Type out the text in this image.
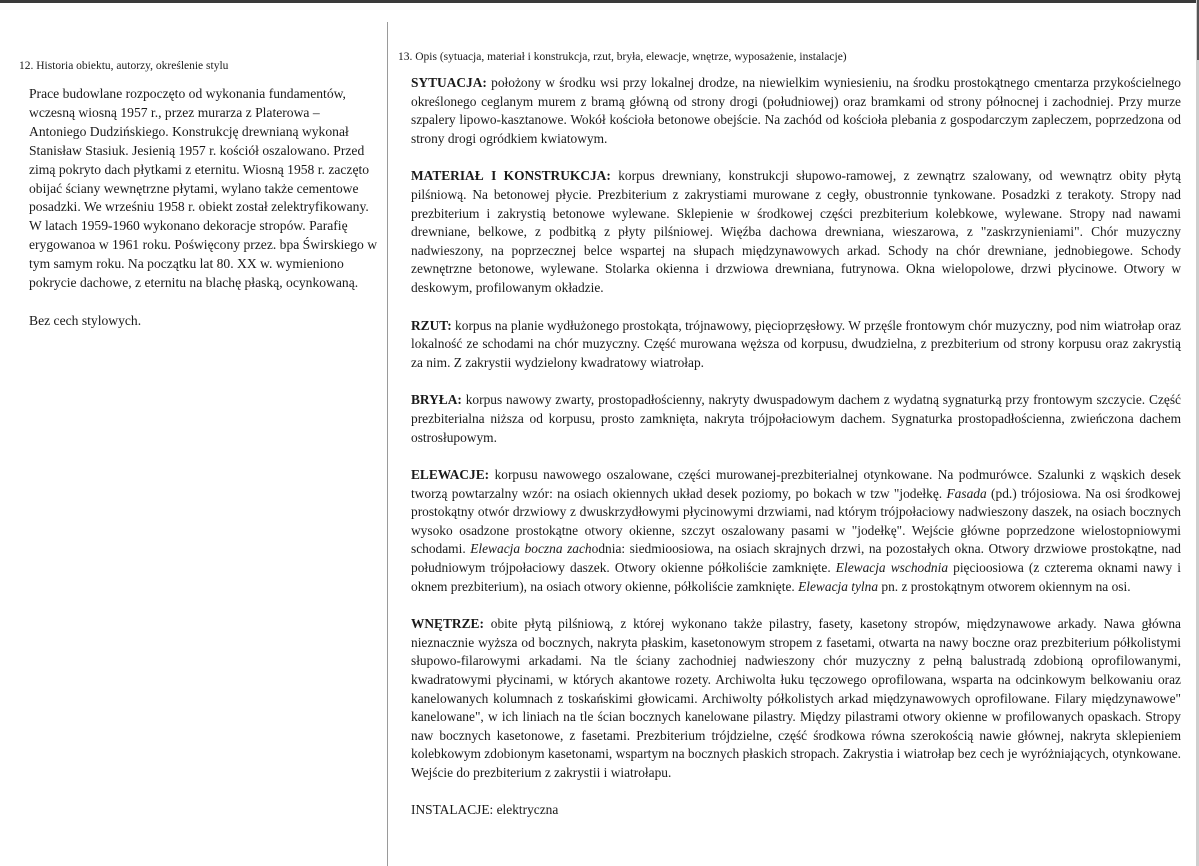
12. Historia obiektu, autorzy, określenie stylu

Prace budowlane rozpoczęto od wykonania fundamentów, wczesną wiosną 1957 r., przez murarza z Platerowa – Antoniego Dudzińskiego. Konstrukcję drewnianą wykonał Stanisław Stasiuk. Jesienią 1957 r. kościół oszalowano. Przed zimą pokryto dach płytkami z eternitu. Wiosną 1958 r. zaczęto obijać ściany wewnętrzne płytami, wylano także cementowe posadzki. We wrześniu 1958 r. obiekt został zelektryfikowany. W latach 1959-1960 wykonano dekoracje stropów. Parafię erygowanoa w 1961 roku. Poświęcony przez. bpa Świrskiego w tym samym roku. Na początku lat 80. XX w. wymieniono pokrycie dachowe, z eternitu na blachę płaską, ocynkowaną.

Bez cech stylowych.

13. Opis (sytuacja, materiał i konstrukcja, rzut, bryła, elewacje, wnętrze, wyposażenie, instalacje)

SYTUACJA: położony w środku wsi przy lokalnej drodze, na niewielkim wyniesieniu, na środku prostokątnego cmentarza przykościelnego określonego ceglanym murem z bramą główną od strony drogi (południowej) oraz bramkami od strony północnej i zachodniej. Przy murze szpalery lipowo-kasztanowe. Wokół kościoła betonowe obejście. Na zachód od kościoła plebania z gospodarczym zapleczem, poprzedzona od strony drogi ogródkiem kwiatowym.

MATERIAŁ I KONSTRUKCJA: korpus drewniany, konstrukcji słupowo-ramowej, z zewnątrz szalowany, od wewnątrz obity płytą pilśniową. Na betonowej płycie. Prezbiterium z zakrystiami murowane z cegły, obustronnie tynkowane. Posadzki z terakoty. Stropy nad prezbiterium i zakrystią betonowe wylewane. Sklepienie w środkowej części prezbiterium kolebkowe, wylewane. Stropy nad nawami drewniane, belkowe, z podbitką z płyty pilśniowej. Więźba dachowa drewniana, wieszarowa, z "zaskrzynieniami". Chór muzyczny nadwieszony, na poprzecznej belce wspartej na słupach międzynawowych arkad. Schody na chór drewniane, jednobiegowe. Schody zewnętrzne betonowe, wylewane. Stolarka okienna i drzwiowa drewniana, futrynowa. Okna wielopolowe, drzwi płycinowe. Otwory w deskowym, profilowanym okładzie.

RZUT: korpus na planie wydłużonego prostokąta, trójnawowy, pięcioprzęsłowy. W przęśle frontowym chór muzyczny, pod nim wiatrołap oraz lokalność ze schodami na chór muzyczny. Część murowana węższa od korpusu, dwudzielna, z prezbiterium od strony korpusu oraz zakrystią za nim. Z zakrystii wydzielony kwadratowy wiatrołap.

BRYŁA: korpus nawowy zwarty, prostopadłościenny, nakryty dwuspadowym dachem z wydatną sygnaturką przy frontowym szczycie. Część prezbiterialna niższa od korpusu, prosto zamknięta, nakryta trójpołaciowym dachem. Sygnaturka prostopadłościenna, zwieńczona dachem ostrosłupowym.

ELEWACJE: korpusu nawowego oszalowane, części murowanej-prezbiterialnej otynkowane. Na podmurówce. Szalunki z wąskich desek tworzą powtarzalny wzór: na osiach okiennych układ desek poziomy, po bokach w tzw "jodełkę. Fasada (pd.) trójosiowa. Na osi środkowej prostokątny otwór drzwiowy z dwuskrzydłowymi płycinowymi drzwiami, nad którym trójpołaciowy nadwieszony daszek, na osiach bocznych wysoko osadzone prostokątne otwory okienne, szczyt oszalowany pasami w "jodełkę". Wejście główne poprzedzone wielostopniowymi schodami. Elewacja boczna zachodnia: siedmioosiowa, na osiach skrajnych drzwi, na pozostałych okna. Otwory drzwiowe prostokątne, nad południowym trójpołaciowy daszek. Otwory okienne półkoliście zamknięte. Elewacja wschodnia pięcioosiowa (z czterema oknami nawy i oknem prezbiterium), na osiach otwory okienne, półkoliście zamknięte. Elewacja tylna pn. z prostokątnym otworem okiennym na osi.

WNĘTRZE: obite płytą pilśniową, z której wykonano także pilastry, fasety, kasetony stropów, międzynawowe arkady. Nawa główna nieznacznie wyższa od bocznych, nakryta płaskim, kasetonowym stropem z fasetami, otwarta na nawy boczne oraz prezbiterium półkolistymi słupowo-filarowymi arkadami. Na tle ściany zachodniej nadwieszony chór muzyczny z pełną balustradą zdobioną oprofilowanymi, kwadratowymi płycinami, w których akantowe rozety. Archiwolta łuku tęczowego oprofilowana, wsparta na odcinkowym belkowaniu oraz kanelowanych kolumnach z toskańskimi głowicami. Archiwolty półkolistych arkad międzynawowych oprofilowane. Filary międzynawowe" kanelowane", w ich liniach na tle ścian bocznych kanelowane pilastry. Między pilastrami otwory okienne w profilowanych opaskach. Stropy naw bocznych kasetonowe, z fasetami. Prezbiterium trójdzielne, część środkowa równa szerokością nawie głównej, nakryta sklepieniem kolebkowym zdobionym kasetonami, wspartym na bocznych płaskich stropach. Zakrystia i wiatrołap bez cech je wyróżniających, otynkowane. Wejście do prezbiterium z zakrystii i wiatrołapu.

INSTALACJE: elektryczna
